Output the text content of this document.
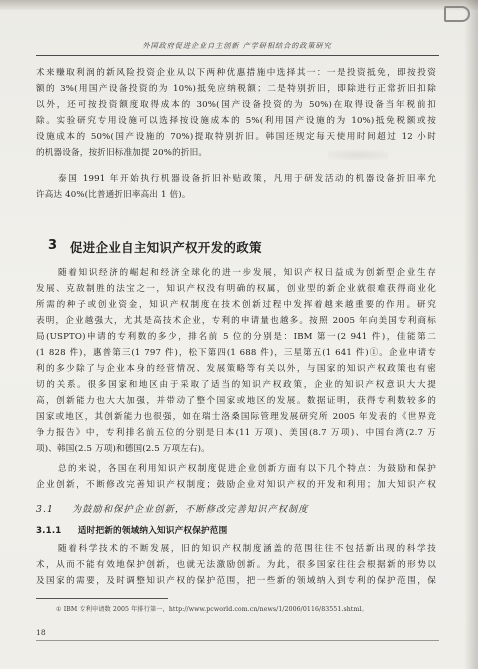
外国政府促进企业自主创新 产学研相结合的政策研究
术来赚取利润的新风险投资企业从以下两种优惠措施中选择其一：一是投资抵免，即按投资
额的 3%(用国产设备投资的为 10%)抵免应纳税额；二是特别折旧，即除进行正常折旧扣除
以外，还可按投资额度取得成本的 30%(国产设备投资的为 50%)在取得设备当年税前扣
除。实验研究专用设施可以选择按设施成本的 5%(利用国产设施的为 10%)抵免税额或按
设施成本的 50%(国产设施的 70%)提取特别折旧。韩国还规定每天使用时间超过 12 小时
的机器设备，按折旧标准加提 20%的折旧。
泰国 1991 年开始执行机器设备折旧补贴政策，凡用于研发活动的机器设备折旧率允
许高达 40%(比普通折旧率高出 1 倍)。
3 促进企业自主知识产权开发的政策
随着知识经济的崛起和经济全球化的进一步发展，知识产权日益成为创新型企业生存
发展、克敌制胜的法宝之一，知识产权没有明确的权属，创业型的新企业就很难获得商业化
所需的种子或创业资金，知识产权制度在技术创新过程中发挥着越来越重要的作用。研究
表明，企业越强大，尤其是高技术企业，专利的申请量也越多。按照 2005 年向美国专利商标
局(USPTO)申请的专利数的多少，排名前 5 位的分别是：IBM 第一(2 941 件)，佳能第二
(1 828 件)，惠普第三(1 797 件)，松下第四(1 688 件)，三星第五(1 641 件)①。企业申请专
利的多少除了与企业本身的经营情况、发展策略等有关以外，与国家的知识产权政策也有密
切的关系。很多国家和地区由于采取了适当的知识产权政策，企业的知识产权意识大大提
高，创新能力也大大加强，并带动了整个国家或地区的发展。数据证明，获得专利数较多的
国家或地区，其创新能力也很强，如在瑞士洛桑国际管理发展研究所 2005 年发表的《世界竞
争力报告》中，专利排名前五位的分别是日本(11 万项)、美国(8.7 万项)、中国台湾(2.7 万
项)、韩国(2.5 万项)和德国(2.5 万项左右)。
总的来说，各国在利用知识产权制度促进企业创新方面有以下几个特点：为鼓励和保护
企业创新，不断修改完善知识产权制度；鼓励企业对知识产权的开发和利用；加大知识产权
3.1 为鼓励和保护企业创新，不断修改完善知识产权制度
3.1.1 适时把新的领域纳入知识产权保护范围
随着科学技术的不断发展，旧的知识产权制度涵盖的范围往往不包括新出现的科学技
术，从而不能有效地保护创新，也就无法激励创新。为此，很多国家往往会根据新的形势以
及国家的需要，及时调整知识产权的保护范围，把一些新的领域纳入到专利的保护范围，保
① IBM 专利申请数 2005 年排行第一，http://www.pcworld.com.cn/news/1/2006/0116/83551.shtml。
18
